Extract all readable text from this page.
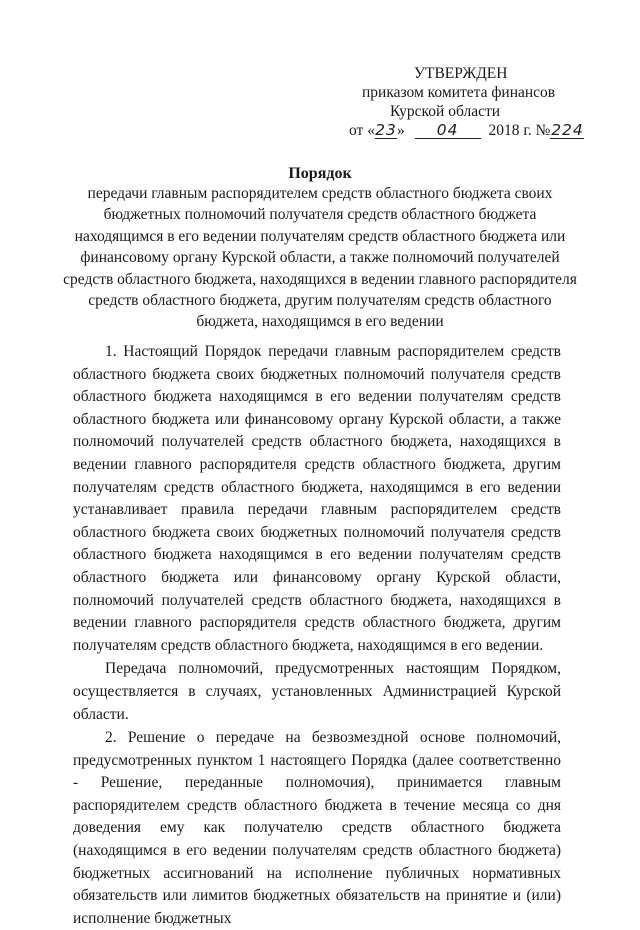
УТВЕРЖДЕН
приказом комитета финансов
Курской области
от «23» 04 2018 г. №224
Порядок
передачи главным распорядителем средств областного бюджета своих бюджетных полномочий получателя средств областного бюджета находящимся в его ведении получателям средств областного бюджета или финансовому органу Курской области, а также полномочий получателей средств областного бюджета, находящихся в ведении главного распорядителя средств областного бюджета, другим получателям средств областного бюджета, находящимся в его ведении

1. Настоящий Порядок передачи главным распорядителем средств областного бюджета своих бюджетных полномочий получателя средств областного бюджета находящимся в его ведении получателям средств областного бюджета или финансовому органу Курской области, а также полномочий получателей средств областного бюджета, находящихся в ведении главного распорядителя средств областного бюджета, другим получателям средств областного бюджета, находящимся в его ведении устанавливает правила передачи главным распорядителем средств областного бюджета своих бюджетных полномочий получателя средств областного бюджета находящимся в его ведении получателям средств областного бюджета или финансовому органу Курской области, полномочий получателей средств областного бюджета, находящихся в ведении главного распорядителя средств областного бюджета, другим получателям средств областного бюджета, находящимся в его ведении.

Передача полномочий, предусмотренных настоящим Порядком, осуществляется в случаях, установленных Администрацией Курской области.

2. Решение о передаче на безвозмездной основе полномочий, предусмотренных пунктом 1 настоящего Порядка (далее соответственно - Решение, переданные полномочия), принимается главным распорядителем средств областного бюджета в течение месяца со дня доведения ему как получателю средств областного бюджета (находящимся в его ведении получателям средств областного бюджета) бюджетных ассигнований на исполнение публичных нормативных обязательств или лимитов бюджетных обязательств на принятие и (или) исполнение бюджетных
